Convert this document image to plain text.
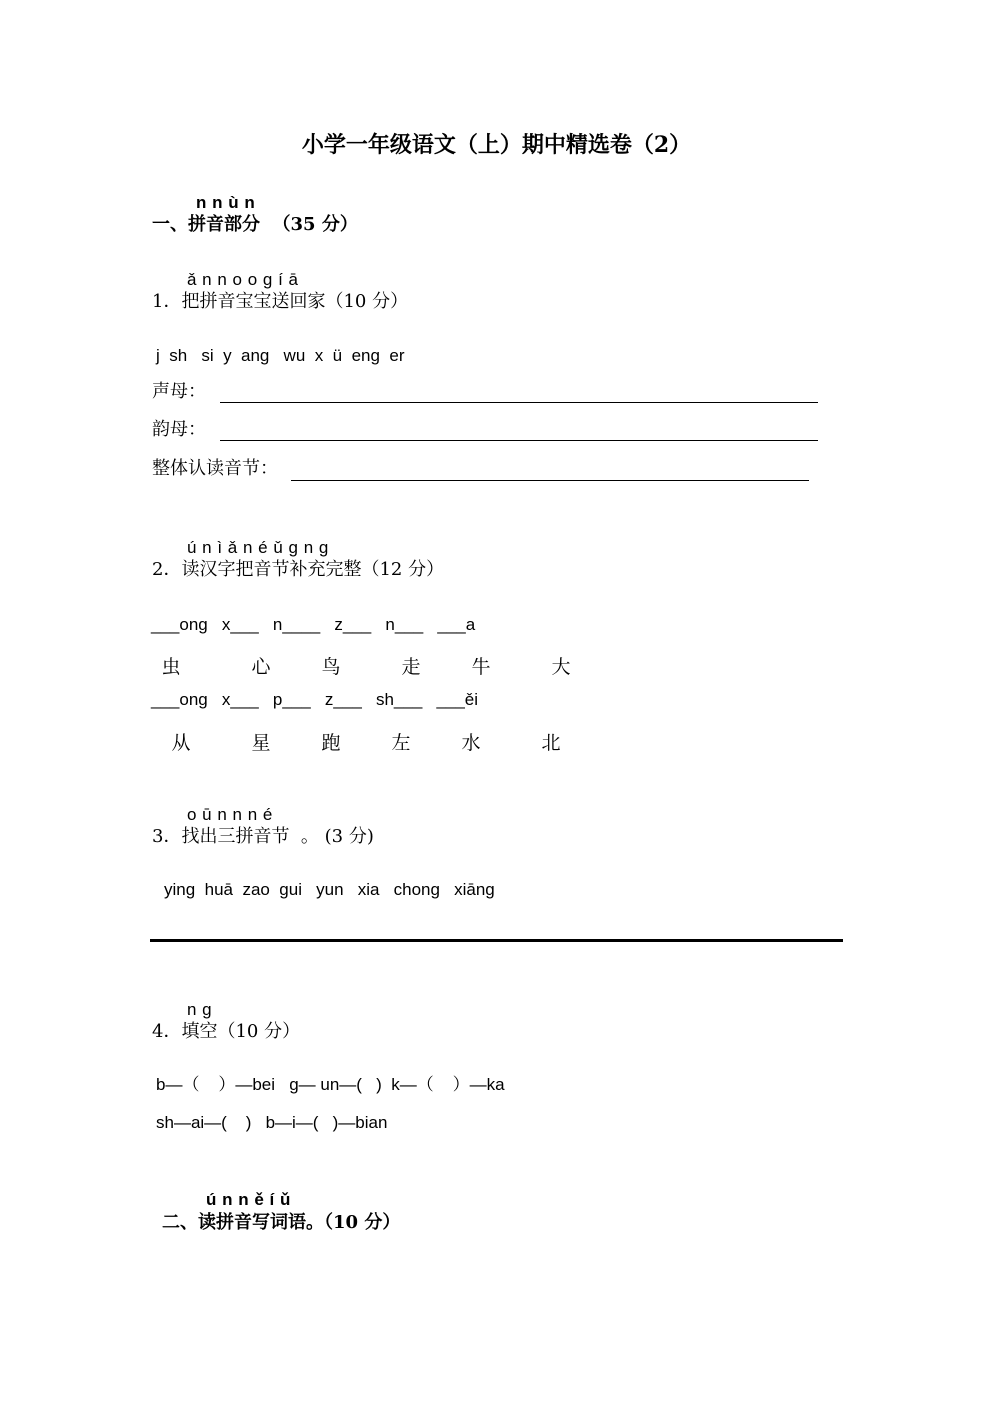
小学一年级语文（上）期中精选卷（2）
n n ù n
一、拼音部分  （35 分）
ǎ n n o o g í ā
1．把拼音宝宝送回家（10 分）
j  sh   si  y  ang   wu  x  ü  eng  er
声母：
韵母：
整体认读音节：
ú n ì ǎ n é ǔ g n g
2．读汉字把音节补充完整（12 分）
___ong   x___   n____   z___   n___   ___a
虫	心	鸟	走	牛	大
___ong   x___   p___   z___   sh___   ___ěi
从	星	跑	左	水	北
o ū n n n é
3．找出三拼音节  。 (3 分)
ying  huā  zao  gui   yun   xia   chong   xiāng
n ɡ
4．填空（10 分）
b—（    ）—bei   g— un—(   )  k—（    ）—ka
sh—ai—(    )   b—i—(   )—bian
ú n n ě í ǔ
二、读拼音写词语。（10 分）
